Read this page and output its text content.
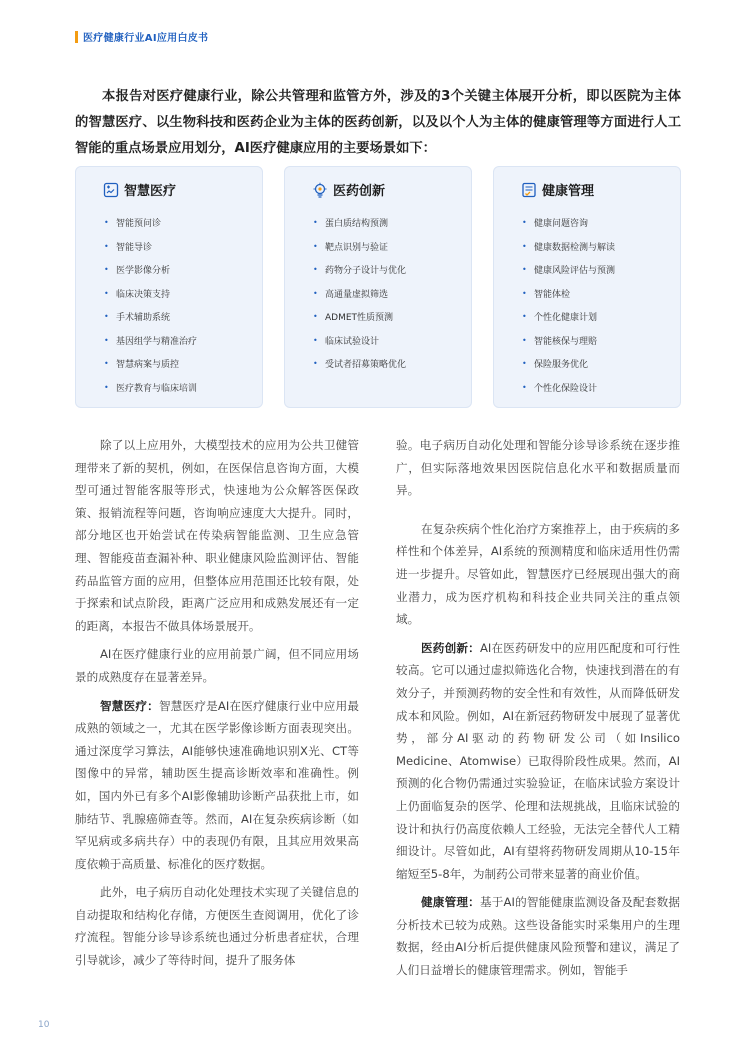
医疗健康行业AI应用白皮书

本报告对医疗健康行业，除公共管理和监管方外，涉及的3个关键主体展开分析，即以医院为主体的智慧医疗、以生物科技和医药企业为主体的医药创新，以及以个人为主体的健康管理等方面进行人工智能的重点场景应用划分，AI医疗健康应用的主要场景如下：

智慧医疗
• 智能预问诊
• 智能导诊
• 医学影像分析
• 临床决策支持
• 手术辅助系统
• 基因组学与精准治疗
• 智慧病案与质控
• 医疗教育与临床培训
医药创新
• 蛋白质结构预测
• 靶点识别与验证
• 药物分子设计与优化
• 高通量虚拟筛选
• ADMET性质预测
• 临床试验设计
• 受试者招募策略优化
健康管理
• 健康问题咨询
• 健康数据检测与解读
• 健康风险评估与预测
• 智能体检
• 个性化健康计划
• 智能核保与理赔
• 保险服务优化
• 个性化保险设计

除了以上应用外，大模型技术的应用为公共卫健管理带来了新的契机，例如，在医保信息咨询方面，大模型可通过智能客服等形式，快速地为公众解答医保政策、报销流程等问题，咨询响应速度大大提升。同时，部分地区也开始尝试在传染病智能监测、卫生应急管理、智能疫苗查漏补种、职业健康风险监测评估、智能药品监管方面的应用，但整体应用范围还比较有限，处于探索和试点阶段，距离广泛应用和成熟发展还有一定的距离，本报告不做具体场景展开。

AI在医疗健康行业的应用前景广阔，但不同应用场景的成熟度存在显著差异。

智慧医疗：智慧医疗是AI在医疗健康行业中应用最成熟的领域之一，尤其在医学影像诊断方面表现突出。通过深度学习算法，AI能够快速准确地识别X光、CT等图像中的异常，辅助医生提高诊断效率和准确性。例如，国内外已有多个AI影像辅助诊断产品获批上市，如肺结节、乳腺癌筛查等。然而，AI在复杂疾病诊断（如罕见病或多病共存）中的表现仍有限，且其应用效果高度依赖于高质量、标准化的医疗数据。

此外，电子病历自动化处理技术实现了关键信息的自动提取和结构化存储，方便医生查阅调用，优化了诊疗流程。智能分诊导诊系统也通过分析患者症状，合理引导就诊，减少了等待时间，提升了服务体

验。电子病历自动化处理和智能分诊导诊系统在逐步推广，但实际落地效果因医院信息化水平和数据质量而异。

在复杂疾病个性化治疗方案推荐上，由于疾病的多样性和个体差异，AI系统的预测精度和临床适用性仍需进一步提升。尽管如此，智慧医疗已经展现出强大的商业潜力，成为医疗机构和科技企业共同关注的重点领域。

医药创新：AI在医药研发中的应用匹配度和可行性较高。它可以通过虚拟筛选化合物，快速找到潜在的有效分子，并预测药物的安全性和有效性，从而降低研发成本和风险。例如，AI在新冠药物研发中展现了显著优势，部分AI驱动的药物研发公司（如Insilico Medicine、Atomwise）已取得阶段性成果。然而，AI预测的化合物仍需通过实验验证，在临床试验方案设计上仍面临复杂的医学、伦理和法规挑战，且临床试验的设计和执行仍高度依赖人工经验，无法完全替代人工精细设计。尽管如此，AI有望将药物研发周期从10-15年缩短至5-8年，为制药公司带来显著的商业价值。

健康管理：基于AI的智能健康监测设备及配套数据分析技术已较为成熟。这些设备能实时采集用户的生理数据，经由AI分析后提供健康风险预警和建议，满足了人们日益增长的健康管理需求。例如，智能手

10
